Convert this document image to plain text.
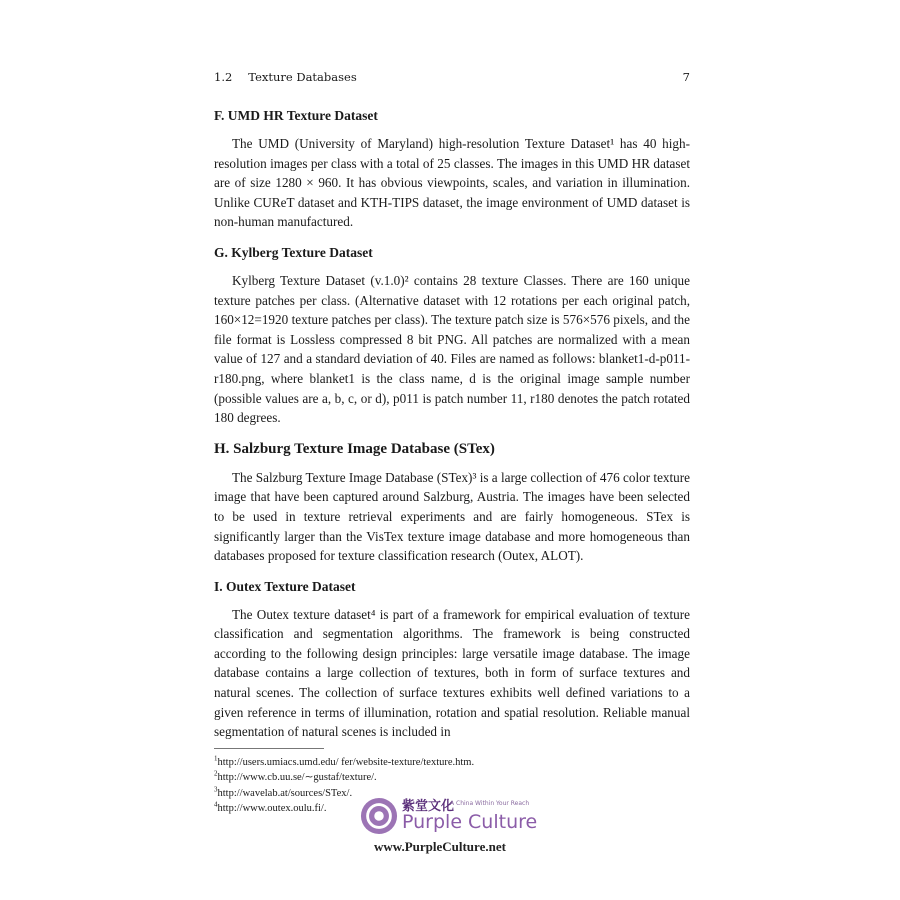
1.2 Texture Databases	7
F. UMD HR Texture Dataset

The UMD (University of Maryland) high-resolution Texture Dataset¹ has 40 high-resolution images per class with a total of 25 classes. The images in this UMD HR dataset are of size 1280 × 960. It has obvious viewpoints, scales, and variation in illumination. Unlike CUReT dataset and KTH-TIPS dataset, the image environment of UMD dataset is non-human manufactured.

G. Kylberg Texture Dataset

Kylberg Texture Dataset (v.1.0)² contains 28 texture Classes. There are 160 unique texture patches per class. (Alternative dataset with 12 rotations per each original patch, 160×12=1920 texture patches per class). The texture patch size is 576×576 pixels, and the file format is Lossless compressed 8 bit PNG. All patches are normalized with a mean value of 127 and a standard deviation of 40. Files are named as follows: blanket1-d-p011-r180.png, where blanket1 is the class name, d is the original image sample number (possible values are a, b, c, or d), p011 is patch number 11, r180 denotes the patch rotated 180 degrees.

H. Salzburg Texture Image Database (STex)

The Salzburg Texture Image Database (STex)³ is a large collection of 476 color texture image that have been captured around Salzburg, Austria. The images have been selected to be used in texture retrieval experiments and are fairly homogeneous. STex is significantly larger than the VisTex texture image database and more homogeneous than databases proposed for texture classification research (Outex, ALOT).

I. Outex Texture Dataset

The Outex texture dataset⁴ is part of a framework for empirical evaluation of texture classification and segmentation algorithms. The framework is being constructed according to the following design principles: large versatile image database. The image database contains a large collection of textures, both in form of surface textures and natural scenes. The collection of surface textures exhibits well defined variations to a given reference in terms of illumination, rotation and spatial resolution. Reliable manual segmentation of natural scenes is included in

$^1$http://users.umiacs.umd.edu/ fer/website-texture/texture.htm.
$^2$http://www.cb.uu.se/∼gustaf/texture/.
$^3$http://wavelab.at/sources/STex/.
$^4$http://www.outex.oulu.fi/.	紫堂文化
A China Within Your Reach
Purple Culture
www.PurpleCulture.net
